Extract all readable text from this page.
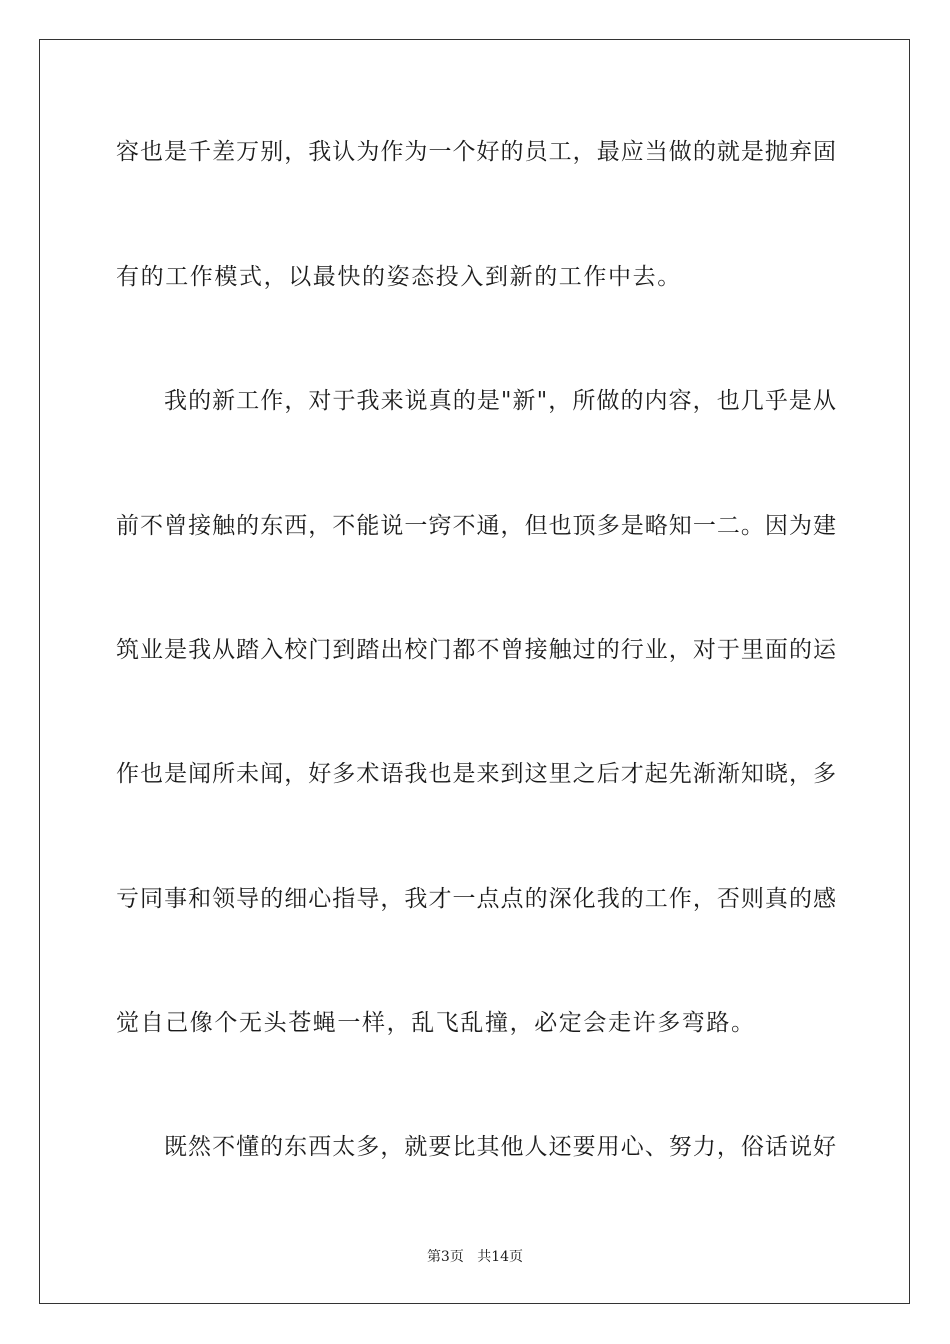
容也是千差万别，我认为作为一个好的员工，最应当做的就是抛弃固
有的工作模式，以最快的姿态投入到新的工作中去。
我的新工作，对于我来说真的是"新"，所做的内容，也几乎是从
前不曾接触的东西，不能说一窍不通，但也顶多是略知一二。因为建
筑业是我从踏入校门到踏出校门都不曾接触过的行业，对于里面的运
作也是闻所未闻，好多术语我也是来到这里之后才起先渐渐知晓，多
亏同事和领导的细心指导，我才一点点的深化我的工作，否则真的感
觉自己像个无头苍蝇一样，乱飞乱撞，必定会走许多弯路。
既然不懂的东西太多，就要比其他人还要用心、努力，俗话说好
第3页 共14页
